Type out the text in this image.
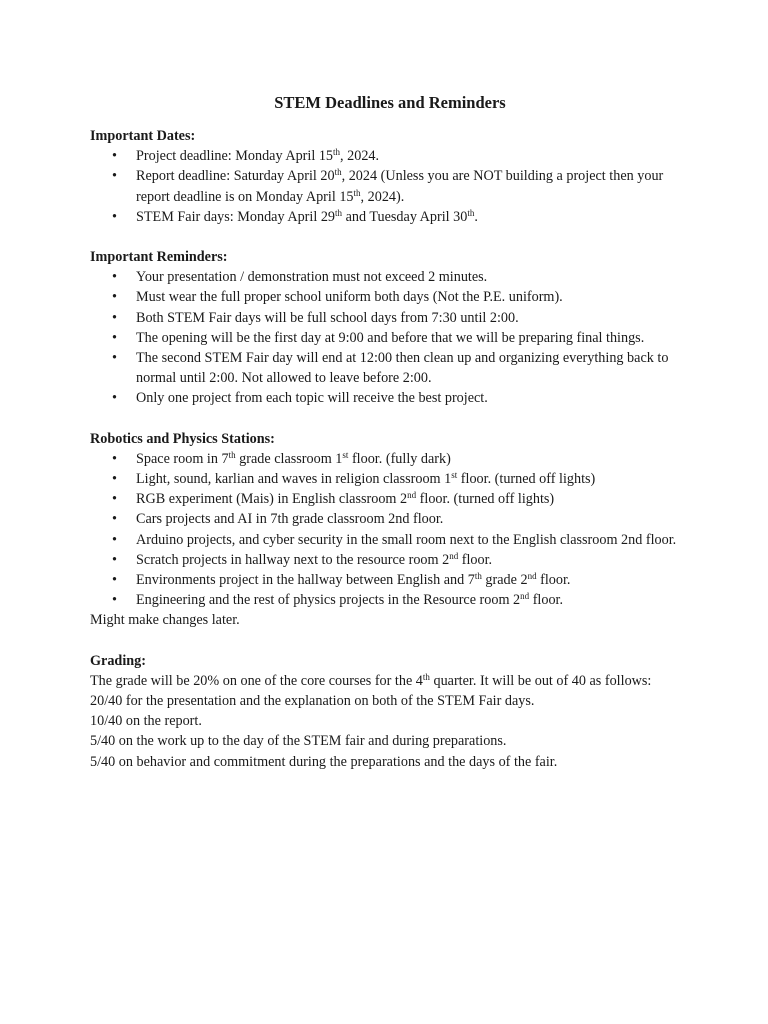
STEM Deadlines and Reminders
Important Dates:
• Project deadline: Monday April 15th, 2024.
• Report deadline: Saturday April 20th, 2024 (Unless you are NOT building a project then your report deadline is on Monday April 15th, 2024).
• STEM Fair days: Monday April 29th and Tuesday April 30th.
Important Reminders:
• Your presentation / demonstration must not exceed 2 minutes.
• Must wear the full proper school uniform both days (Not the P.E. uniform).
• Both STEM Fair days will be full school days from 7:30 until 2:00.
• The opening will be the first day at 9:00 and before that we will be preparing final things.
• The second STEM Fair day will end at 12:00 then clean up and organizing everything back to normal until 2:00. Not allowed to leave before 2:00.
• Only one project from each topic will receive the best project.
Robotics and Physics Stations:
• Space room in 7th grade classroom 1st floor. (fully dark)
• Light, sound, karlian and waves in religion classroom 1st floor. (turned off lights)
• RGB experiment (Mais) in English classroom 2nd floor. (turned off lights)
• Cars projects and AI in 7th grade classroom 2nd floor.
• Arduino projects, and cyber security in the small room next to the English classroom 2nd floor.
• Scratch projects in hallway next to the resource room 2nd floor.
• Environments project in the hallway between English and 7th grade 2nd floor.
• Engineering and the rest of physics projects in the Resource room 2nd floor.

Might make changes later.

Grading:

The grade will be 20% on one of the core courses for the 4th quarter. It will be out of 40 as follows:

20/40 for the presentation and the explanation on both of the STEM Fair days.

10/40 on the report.

5/40 on the work up to the day of the STEM fair and during preparations.

5/40 on behavior and commitment during the preparations and the days of the fair.
